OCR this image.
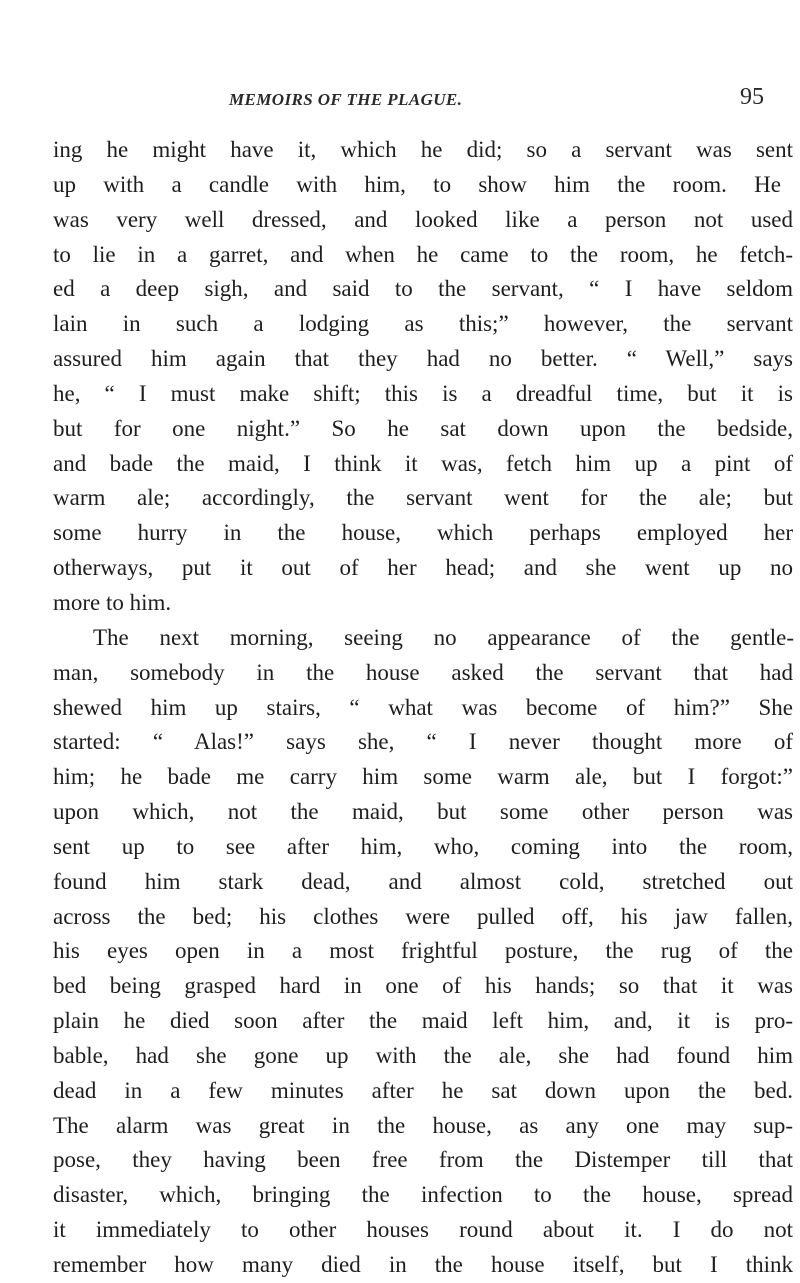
MEMOIRS OF THE PLAGUE.	95
ing he might have it, which he did; so a servant was sent
up with a candle with him, to show him the room. He
was very well dressed, and looked like a person not used
to lie in a garret, and when he came to the room, he fetch-
ed a deep sigh, and said to the servant, “ I have seldom
lain in such a lodging as this;” however, the servant
assured him again that they had no better. “ Well,” says
he, “ I must make shift; this is a dreadful time, but it is
but for one night.” So he sat down upon the bedside,
and bade the maid, I think it was, fetch him up a pint of
warm ale; accordingly, the servant went for the ale; but
some hurry in the house, which perhaps employed her
otherways, put it out of her head; and she went up no
more to him.
The next morning, seeing no appearance of the gentle-
man, somebody in the house asked the servant that had
shewed him up stairs, “ what was become of him?” She
started: “ Alas!” says she, “ I never thought more of
him; he bade me carry him some warm ale, but I forgot:”
upon which, not the maid, but some other person was
sent up to see after him, who, coming into the room,
found him stark dead, and almost cold, stretched out
across the bed; his clothes were pulled off, his jaw fallen,
his eyes open in a most frightful posture, the rug of the
bed being grasped hard in one of his hands; so that it was
plain he died soon after the maid left him, and, it is pro-
bable, had she gone up with the ale, she had found him
dead in a few minutes after he sat down upon the bed.
The alarm was great in the house, as any one may sup-
pose, they having been free from the Distemper till that
disaster, which, bringing the infection to the house, spread
it immediately to other houses round about it. I do not
remember how many died in the house itself, but I think
